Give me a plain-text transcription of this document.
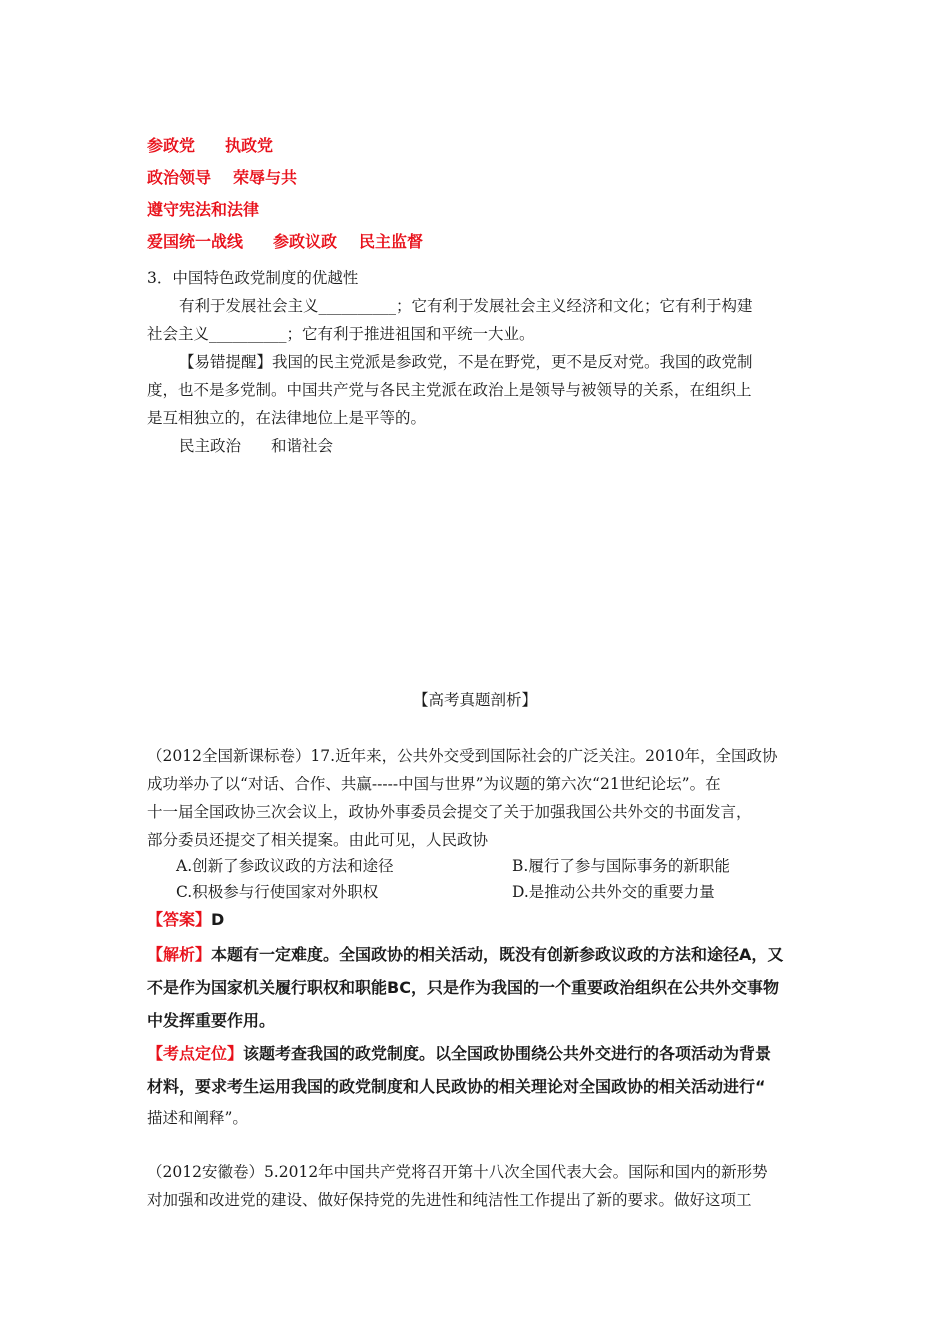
参政党 执政党
政治领导 荣辱与共
遵守宪法和法律
爱国统一战线 参政议政 民主监督
3．中国特色政党制度的优越性
有利于发展社会主义__________；它有利于发展社会主义经济和文化；它有利于构建
社会主义__________；它有利于推进祖国和平统一大业。
【易错提醒】我国的民主党派是参政党，不是在野党，更不是反对党。我国的政党制
度，也不是多党制。中国共产党与各民主党派在政治上是领导与被领导的关系，在组织上
是互相独立的，在法律地位上是平等的。
民主政治 和谐社会
【高考真题剖析】
（2012全国新课标卷）17.近年来，公共外交受到国际社会的广泛关注。2010年，全国政协
成功举办了以“对话、合作、共赢-----中国与世界”为议题的第六次“21世纪论坛”。在
十一届全国政协三次会议上，政协外事委员会提交了关于加强我国公共外交的书面发言，
部分委员还提交了相关提案。由此可见，人民政协
A.创新了参政议政的方法和途径	B.履行了参与国际事务的新职能
C.积极参与行使国家对外职权	D.是推动公共外交的重要力量
【答案】D
【解析】本题有一定难度。全国政协的相关活动，既没有创新参政议政的方法和途径A，又
不是作为国家机关履行职权和职能BC，只是作为我国的一个重要政治组织在公共外交事物
中发挥重要作用。
【考点定位】该题考查我国的政党制度。以全国政协围绕公共外交进行的各项活动为背景
材料，要求考生运用我国的政党制度和人民政协的相关理论对全国政协的相关活动进行“
描述和阐释”。
（2012安徽卷）5.2012年中国共产党将召开第十八次全国代表大会。国际和国内的新形势
对加强和改进党的建设、做好保持党的先进性和纯洁性工作提出了新的要求。做好这项工
